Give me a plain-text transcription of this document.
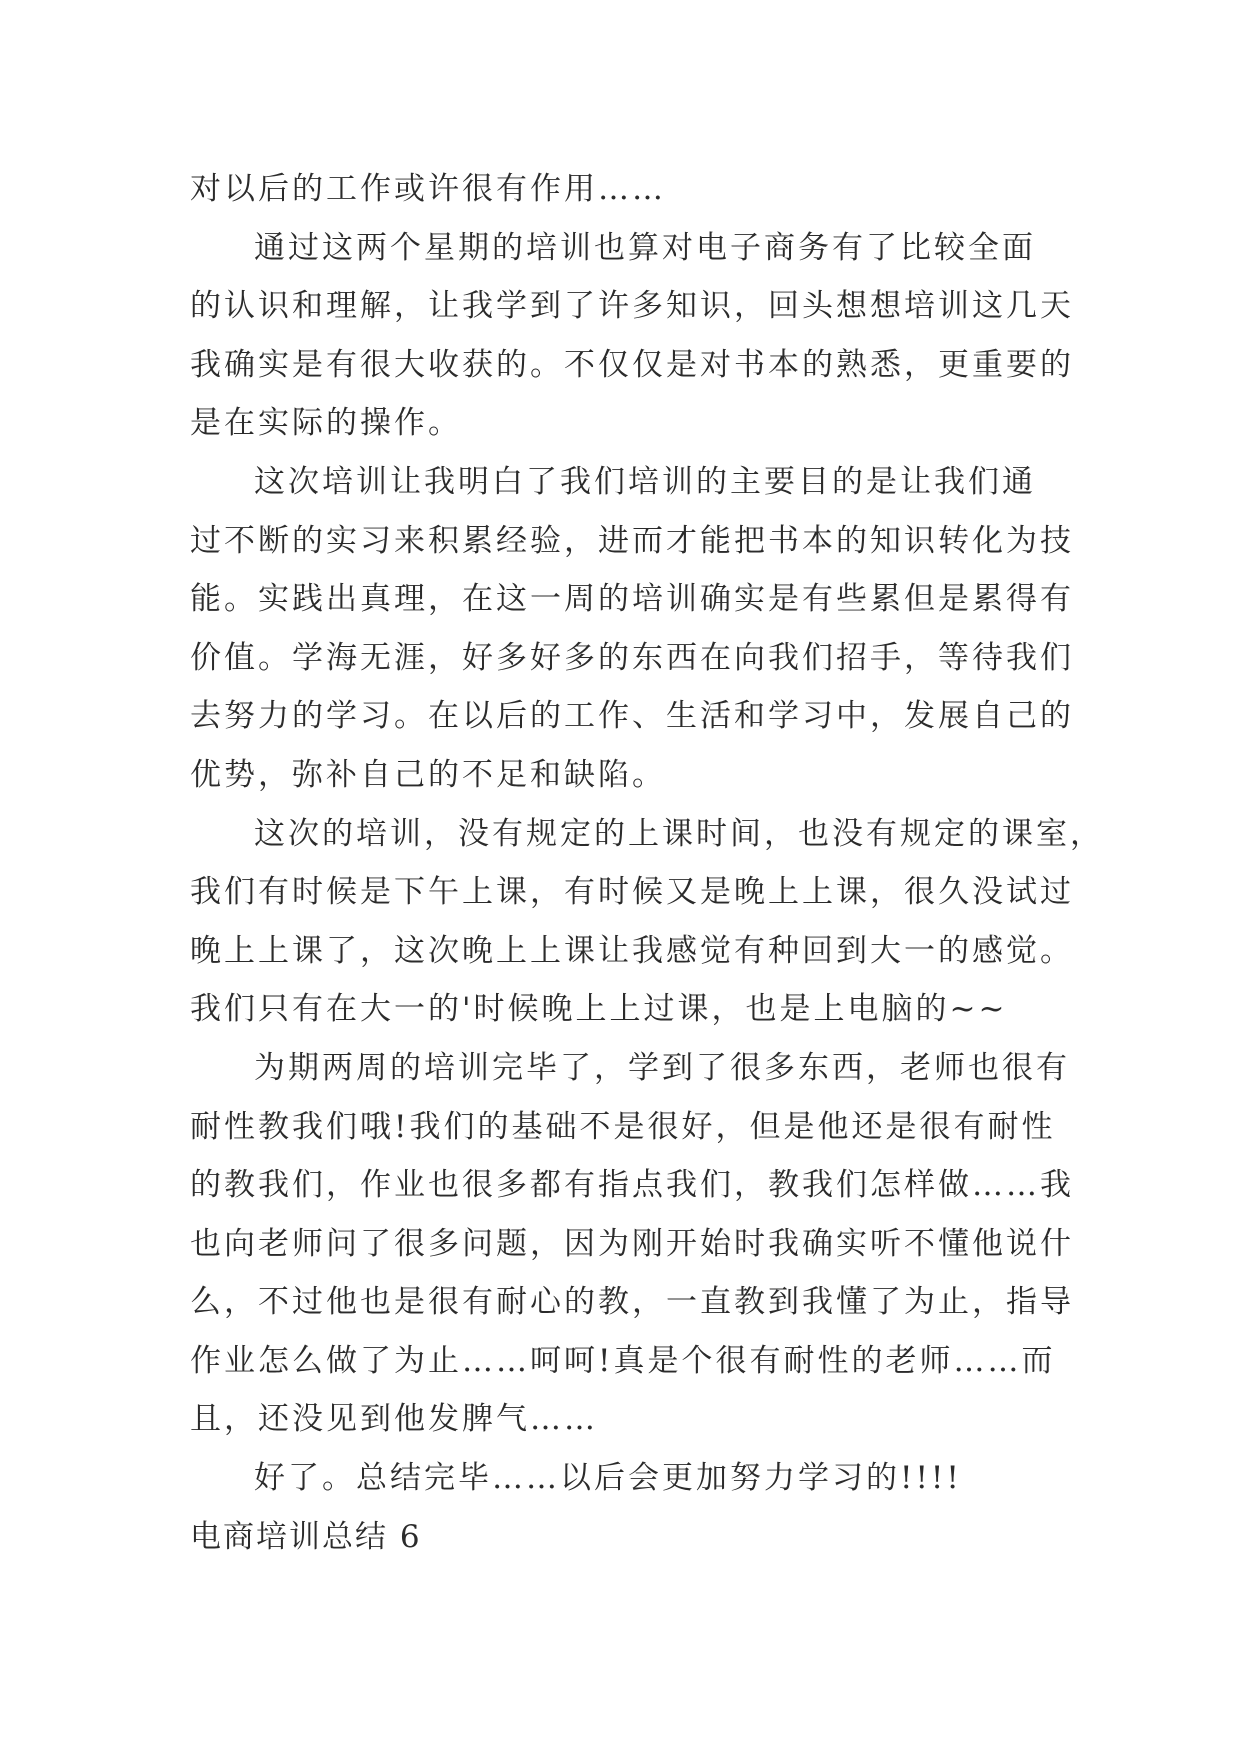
对以后的工作或许很有作用……
通过这两个星期的培训也算对电子商务有了比较全面
的认识和理解，让我学到了许多知识，回头想想培训这几天
我确实是有很大收获的。不仅仅是对书本的熟悉，更重要的
是在实际的操作。
这次培训让我明白了我们培训的主要目的是让我们通
过不断的实习来积累经验，进而才能把书本的知识转化为技
能。实践出真理，在这一周的培训确实是有些累但是累得有
价值。学海无涯，好多好多的东西在向我们招手，等待我们
去努力的学习。在以后的工作、生活和学习中，发展自己的
优势，弥补自己的不足和缺陷。
这次的培训，没有规定的上课时间，也没有规定的课室，
我们有时候是下午上课，有时候又是晚上上课，很久没试过
晚上上课了，这次晚上上课让我感觉有种回到大一的感觉。
我们只有在大一的'时候晚上上过课，也是上电脑的~~
为期两周的培训完毕了，学到了很多东西，老师也很有
耐性教我们哦!我们的基础不是很好，但是他还是很有耐性
的教我们，作业也很多都有指点我们，教我们怎样做……我
也向老师问了很多问题，因为刚开始时我确实听不懂他说什
么，不过他也是很有耐心的教，一直教到我懂了为止，指导
作业怎么做了为止……呵呵!真是个很有耐性的老师……而
且，还没见到他发脾气……
好了。总结完毕……以后会更加努力学习的!!!!
电商培训总结 6
